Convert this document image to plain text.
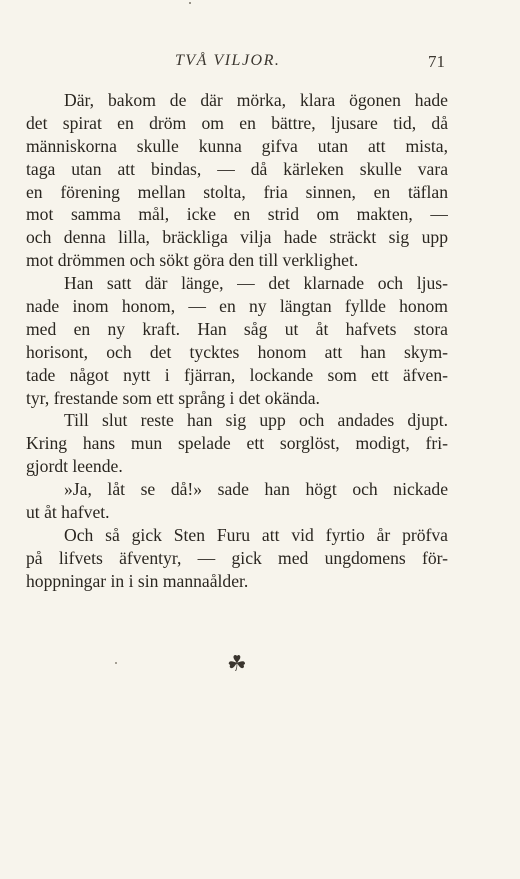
TVÅ VILJOR.	71
Där, bakom de där mörka, klara ögonen hade
det spirat en dröm om en bättre, ljusare tid, då
människorna skulle kunna gifva utan att mista,
taga utan att bindas, — då kärleken skulle vara
en förening mellan stolta, fria sinnen, en täflan
mot samma mål, icke en strid om makten, —
och denna lilla, bräckliga vilja hade sträckt sig upp
mot drömmen och sökt göra den till verklighet.
Han satt där länge, — det klarnade och ljus-
nade inom honom, — en ny längtan fyllde honom
med en ny kraft. Han såg ut åt hafvets stora
horisont, och det tycktes honom att han skym-
tade något nytt i fjärran, lockande som ett äfven-
tyr, frestande som ett språng i det okända.
Till slut reste han sig upp och andades djupt.
Kring hans mun spelade ett sorglöst, modigt, fri-
gjordt leende.
»Ja, låt se då!» sade han högt och nickade
ut åt hafvet.
Och så gick Sten Furu att vid fyrtio år pröfva
på lifvets äfventyr, — gick med ungdomens för-
hoppningar in i sin mannaålder.
☘
